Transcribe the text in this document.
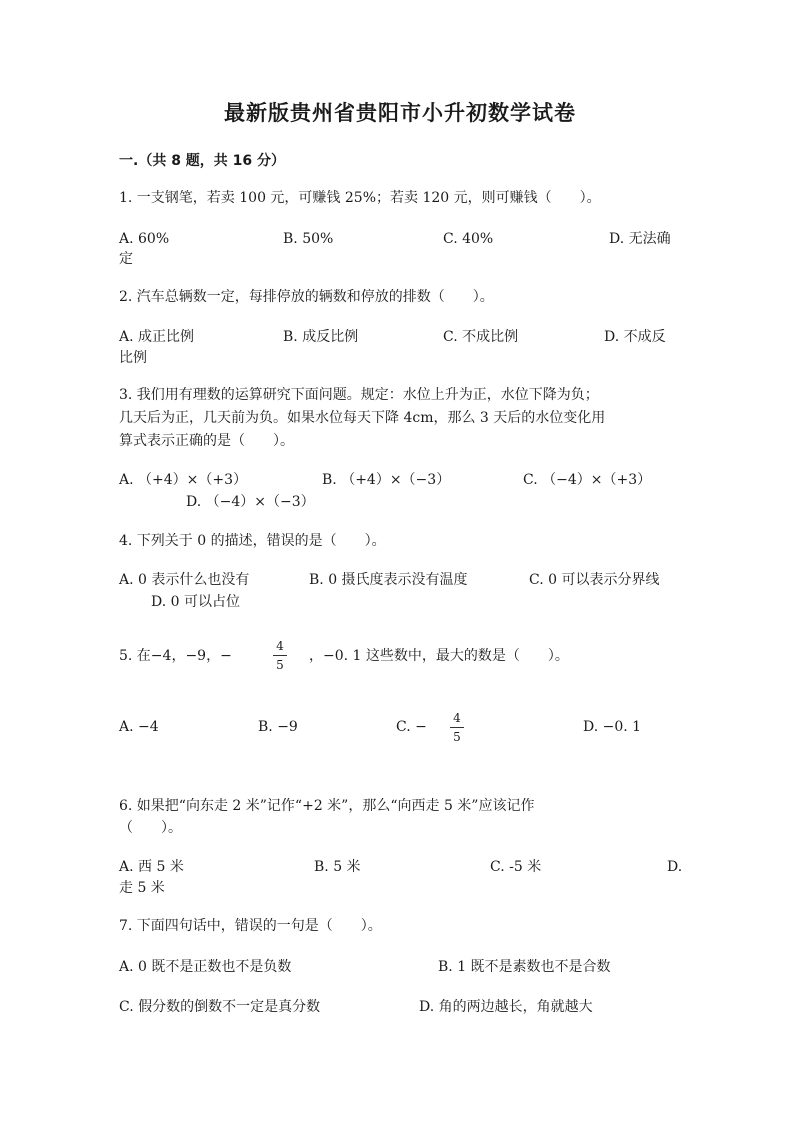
最新版贵州省贵阳市小升初数学试卷
一.（共 8 题，共 16 分）
1. 一支钢笔，若卖 100 元，可赚钱 25%；若卖 120 元，则可赚钱（　　）。
A. 60%	B. 50%	C. 40%	D. 无法确
定
2. 汽车总辆数一定，每排停放的辆数和停放的排数（　　）。
A. 成正比例	B. 成反比例	C. 不成比例	D. 不成反
比例
3. 我们用有理数的运算研究下面问题。规定：水位上升为正，水位下降为负；
几天后为正，几天前为负。如果水位每天下降 4cm，那么 3 天后的水位变化用
算式表示正确的是（　　）。
A. （+4）×（+3）	B. （+4）×（−3）	C. （−4）×（+3）
D. （−4）×（−3）
4. 下列关于 0 的描述，错误的是（　　）。
A. 0 表示什么也没有	B. 0 摄氏度表示没有温度	C. 0 可以表示分界线
D. 0 可以占位
5. 在−4，−9，−	$\frac{4}{5}$ ，−0. 1 这些数中，最大的数是（　　）。
A. −4	B. −9	C. − $\frac{4}{5}$	D. −0. 1
6. 如果把“向东走 2 米”记作“+2 米”，那么“向西走 5 米”应该记作
（　　）。
A. 西 5 米	B. 5 米	C. -5 米	D.
走 5 米
7. 下面四句话中，错误的一句是（　　）。
A. 0 既不是正数也不是负数	B. 1 既不是素数也不是合数
C. 假分数的倒数不一定是真分数	D. 角的两边越长，角就越大
